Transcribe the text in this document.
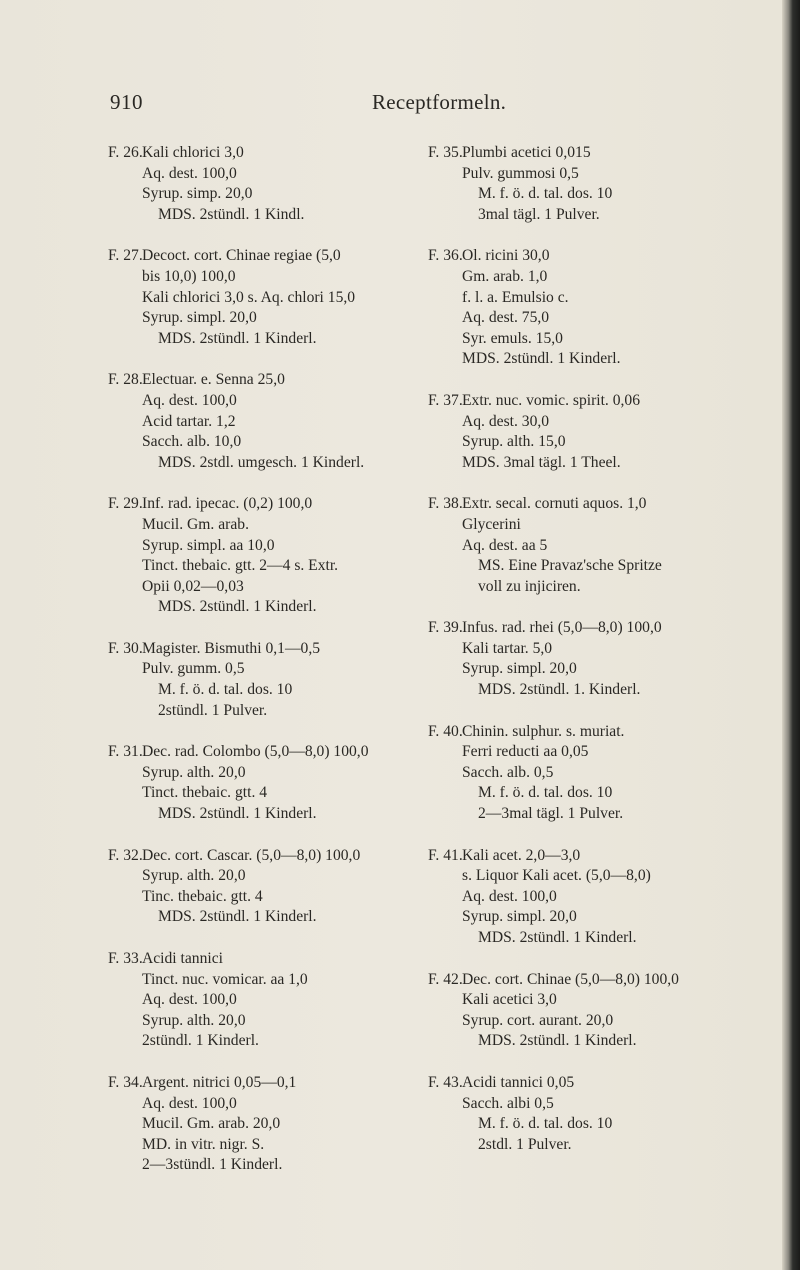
910	Receptformeln.
F. 26. Kali chlorici 3,0
Aq. dest. 100,0
Syrup. simp. 20,0
MDS. 2stündl. 1 Kindl.
F. 27. Decoct. cort. Chinae regiae (5,0
bis 10,0) 100,0
Kali chlorici 3,0 s. Aq. chlori 15,0
Syrup. simpl. 20,0
MDS. 2stündl. 1 Kinderl.
F. 28. Electuar. e. Senna 25,0
Aq. dest. 100,0
Acid tartar. 1,2
Sacch. alb. 10,0
MDS. 2stdl. umgesch. 1 Kinderl.
F. 29. Inf. rad. ipecac. (0,2) 100,0
Mucil. Gm. arab.
Syrup. simpl. aa 10,0
Tinct. thebaic. gtt. 2—4 s. Extr.
Opii 0,02—0,03
MDS. 2stündl. 1 Kinderl.
F. 30. Magister. Bismuthi 0,1—0,5
Pulv. gumm. 0,5
M. f. ö. d. tal. dos. 10
2stündl. 1 Pulver.
F. 31. Dec. rad. Colombo (5,0—8,0) 100,0
Syrup. alth. 20,0
Tinct. thebaic. gtt. 4
MDS. 2stündl. 1 Kinderl.
F. 32. Dec. cort. Cascar. (5,0—8,0) 100,0
Syrup. alth. 20,0
Tinc. thebaic. gtt. 4
MDS. 2stündl. 1 Kinderl.
F. 33. Acidi tannici
Tinct. nuc. vomicar. aa 1,0
Aq. dest. 100,0
Syrup. alth. 20,0
2stündl. 1 Kinderl.
F. 34. Argent. nitrici 0,05—0,1
Aq. dest. 100,0
Mucil. Gm. arab. 20,0
MD. in vitr. nigr. S.
2—3stündl. 1 Kinderl.
F. 35. Plumbi acetici 0,015
Pulv. gummosi 0,5
M. f. ö. d. tal. dos. 10
3mal tägl. 1 Pulver.
F. 36. Ol. ricini 30,0
Gm. arab. 1,0
f. l. a. Emulsio c.
Aq. dest. 75,0
Syr. emuls. 15,0
MDS. 2stündl. 1 Kinderl.
F. 37. Extr. nuc. vomic. spirit. 0,06
Aq. dest. 30,0
Syrup. alth. 15,0
MDS. 3mal tägl. 1 Theel.
F. 38. Extr. secal. cornuti aquos. 1,0
Glycerini
Aq. dest. aa 5
MS. Eine Pravaz'sche Spritze
voll zu injiciren.
F. 39. Infus. rad. rhei (5,0—8,0) 100,0
Kali tartar. 5,0
Syrup. simpl. 20,0
MDS. 2stündl. 1. Kinderl.
F. 40. Chinin. sulphur. s. muriat.
Ferri reducti aa 0,05
Sacch. alb. 0,5
M. f. ö. d. tal. dos. 10
2—3mal tägl. 1 Pulver.
F. 41. Kali acet. 2,0—3,0
s. Liquor Kali acet. (5,0—8,0)
Aq. dest. 100,0
Syrup. simpl. 20,0
MDS. 2stündl. 1 Kinderl.
F. 42. Dec. cort. Chinae (5,0—8,0) 100,0
Kali acetici 3,0
Syrup. cort. aurant. 20,0
MDS. 2stündl. 1 Kinderl.
F. 43. Acidi tannici 0,05
Sacch. albi 0,5
M. f. ö. d. tal. dos. 10
2stdl. 1 Pulver.
